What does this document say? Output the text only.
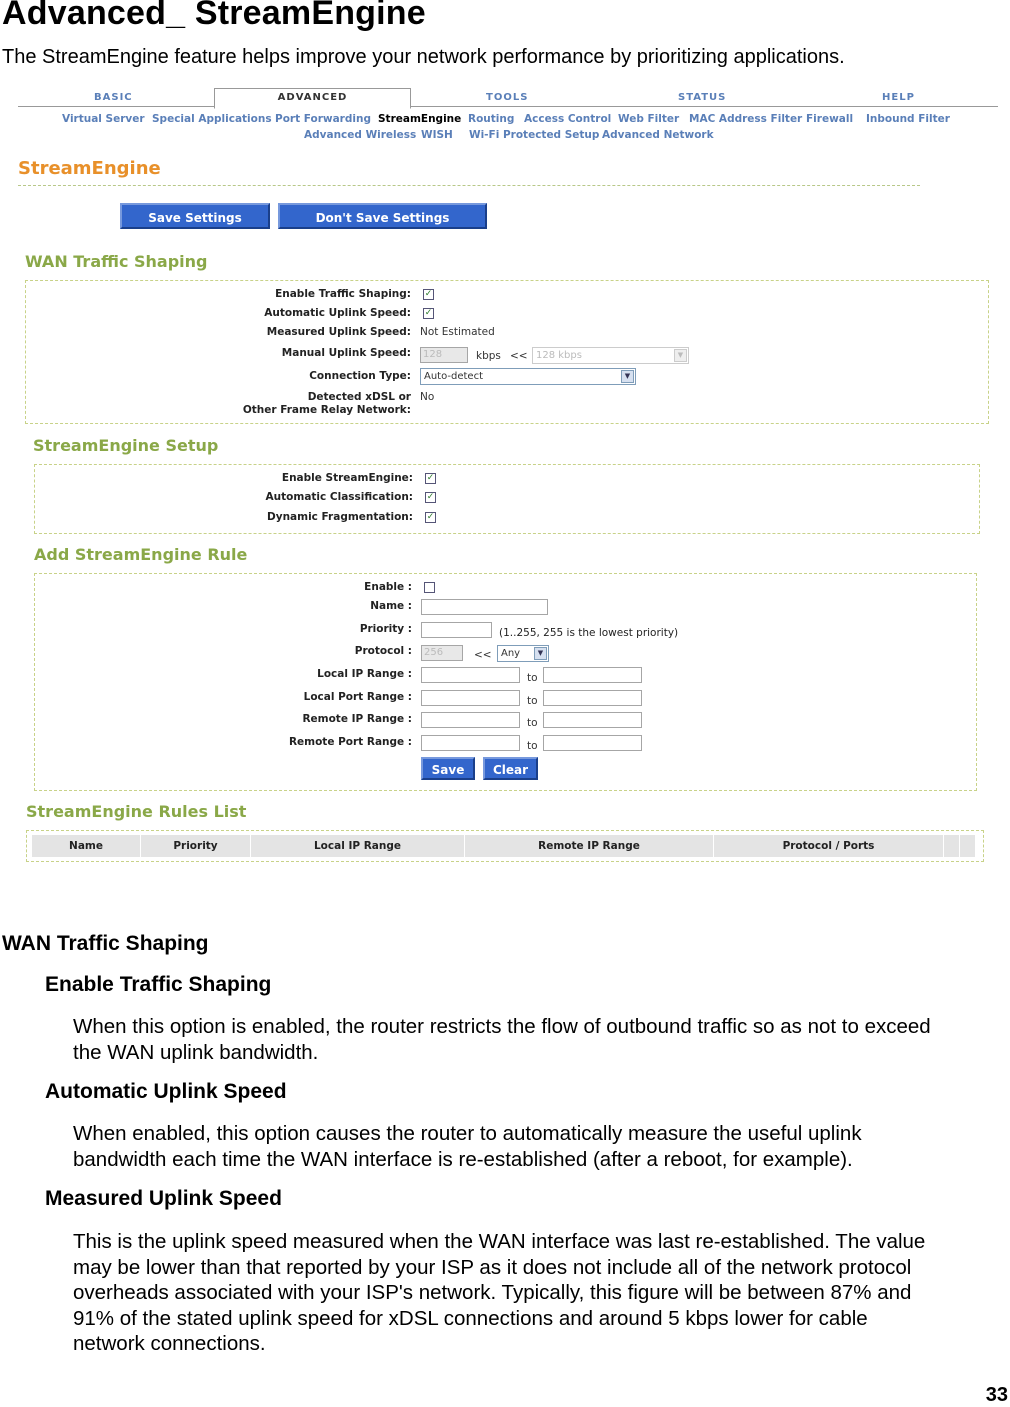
Advanced_ StreamEngine
The StreamEngine feature helps improve your network performance by prioritizing applications.
BASIC	ADVANCED	TOOLS	STATUS	HELP
Virtual Server Special Applications Port Forwarding StreamEngine Routing Access Control Web Filter MAC Address Filter Firewall Inbound Filter
Advanced Wireless WISH Wi-Fi Protected Setup Advanced Network
StreamEngine
Save Settings	Don't Save Settings
WAN Traffic Shaping
Enable Traffic Shaping: ✓
Automatic Uplink Speed: ✓
Measured Uplink Speed: Not Estimated
Manual Uplink Speed:	128	kbps << 128 kbps	▼
Connection Type:	Auto-detect	▼
Detected xDSL or
Other Frame Relay Network:
No
StreamEngine Setup
Enable StreamEngine: ✓
Automatic Classification: ✓
Dynamic Fragmentation: ✓
Add StreamEngine Rule
Enable :
Name :
Priority :	(1..255, 255 is the lowest priority)
Protocol :	256	<< Any	▼
Local IP Range :	to
Local Port Range :	to
Remote IP Range :	to
Remote Port Range :	to
Save	Clear
StreamEngine Rules List
Name	Priority	Local IP Range	Remote IP Range	Protocol / Ports
WAN Traffic Shaping
Enable Traffic Shaping
When this option is enabled, the router restricts the flow of outbound traffic so as not to exceed
the WAN uplink bandwidth.
Automatic Uplink Speed
When enabled, this option causes the router to automatically measure the useful uplink
bandwidth each time the WAN interface is re-established (after a reboot, for example).
Measured Uplink Speed
This is the uplink speed measured when the WAN interface was last re-established. The value
may be lower than that reported by your ISP as it does not include all of the network protocol
overheads associated with your ISP's network. Typically, this figure will be between 87% and
91% of the stated uplink speed for xDSL connections and around 5 kbps lower for cable
network connections.
33
